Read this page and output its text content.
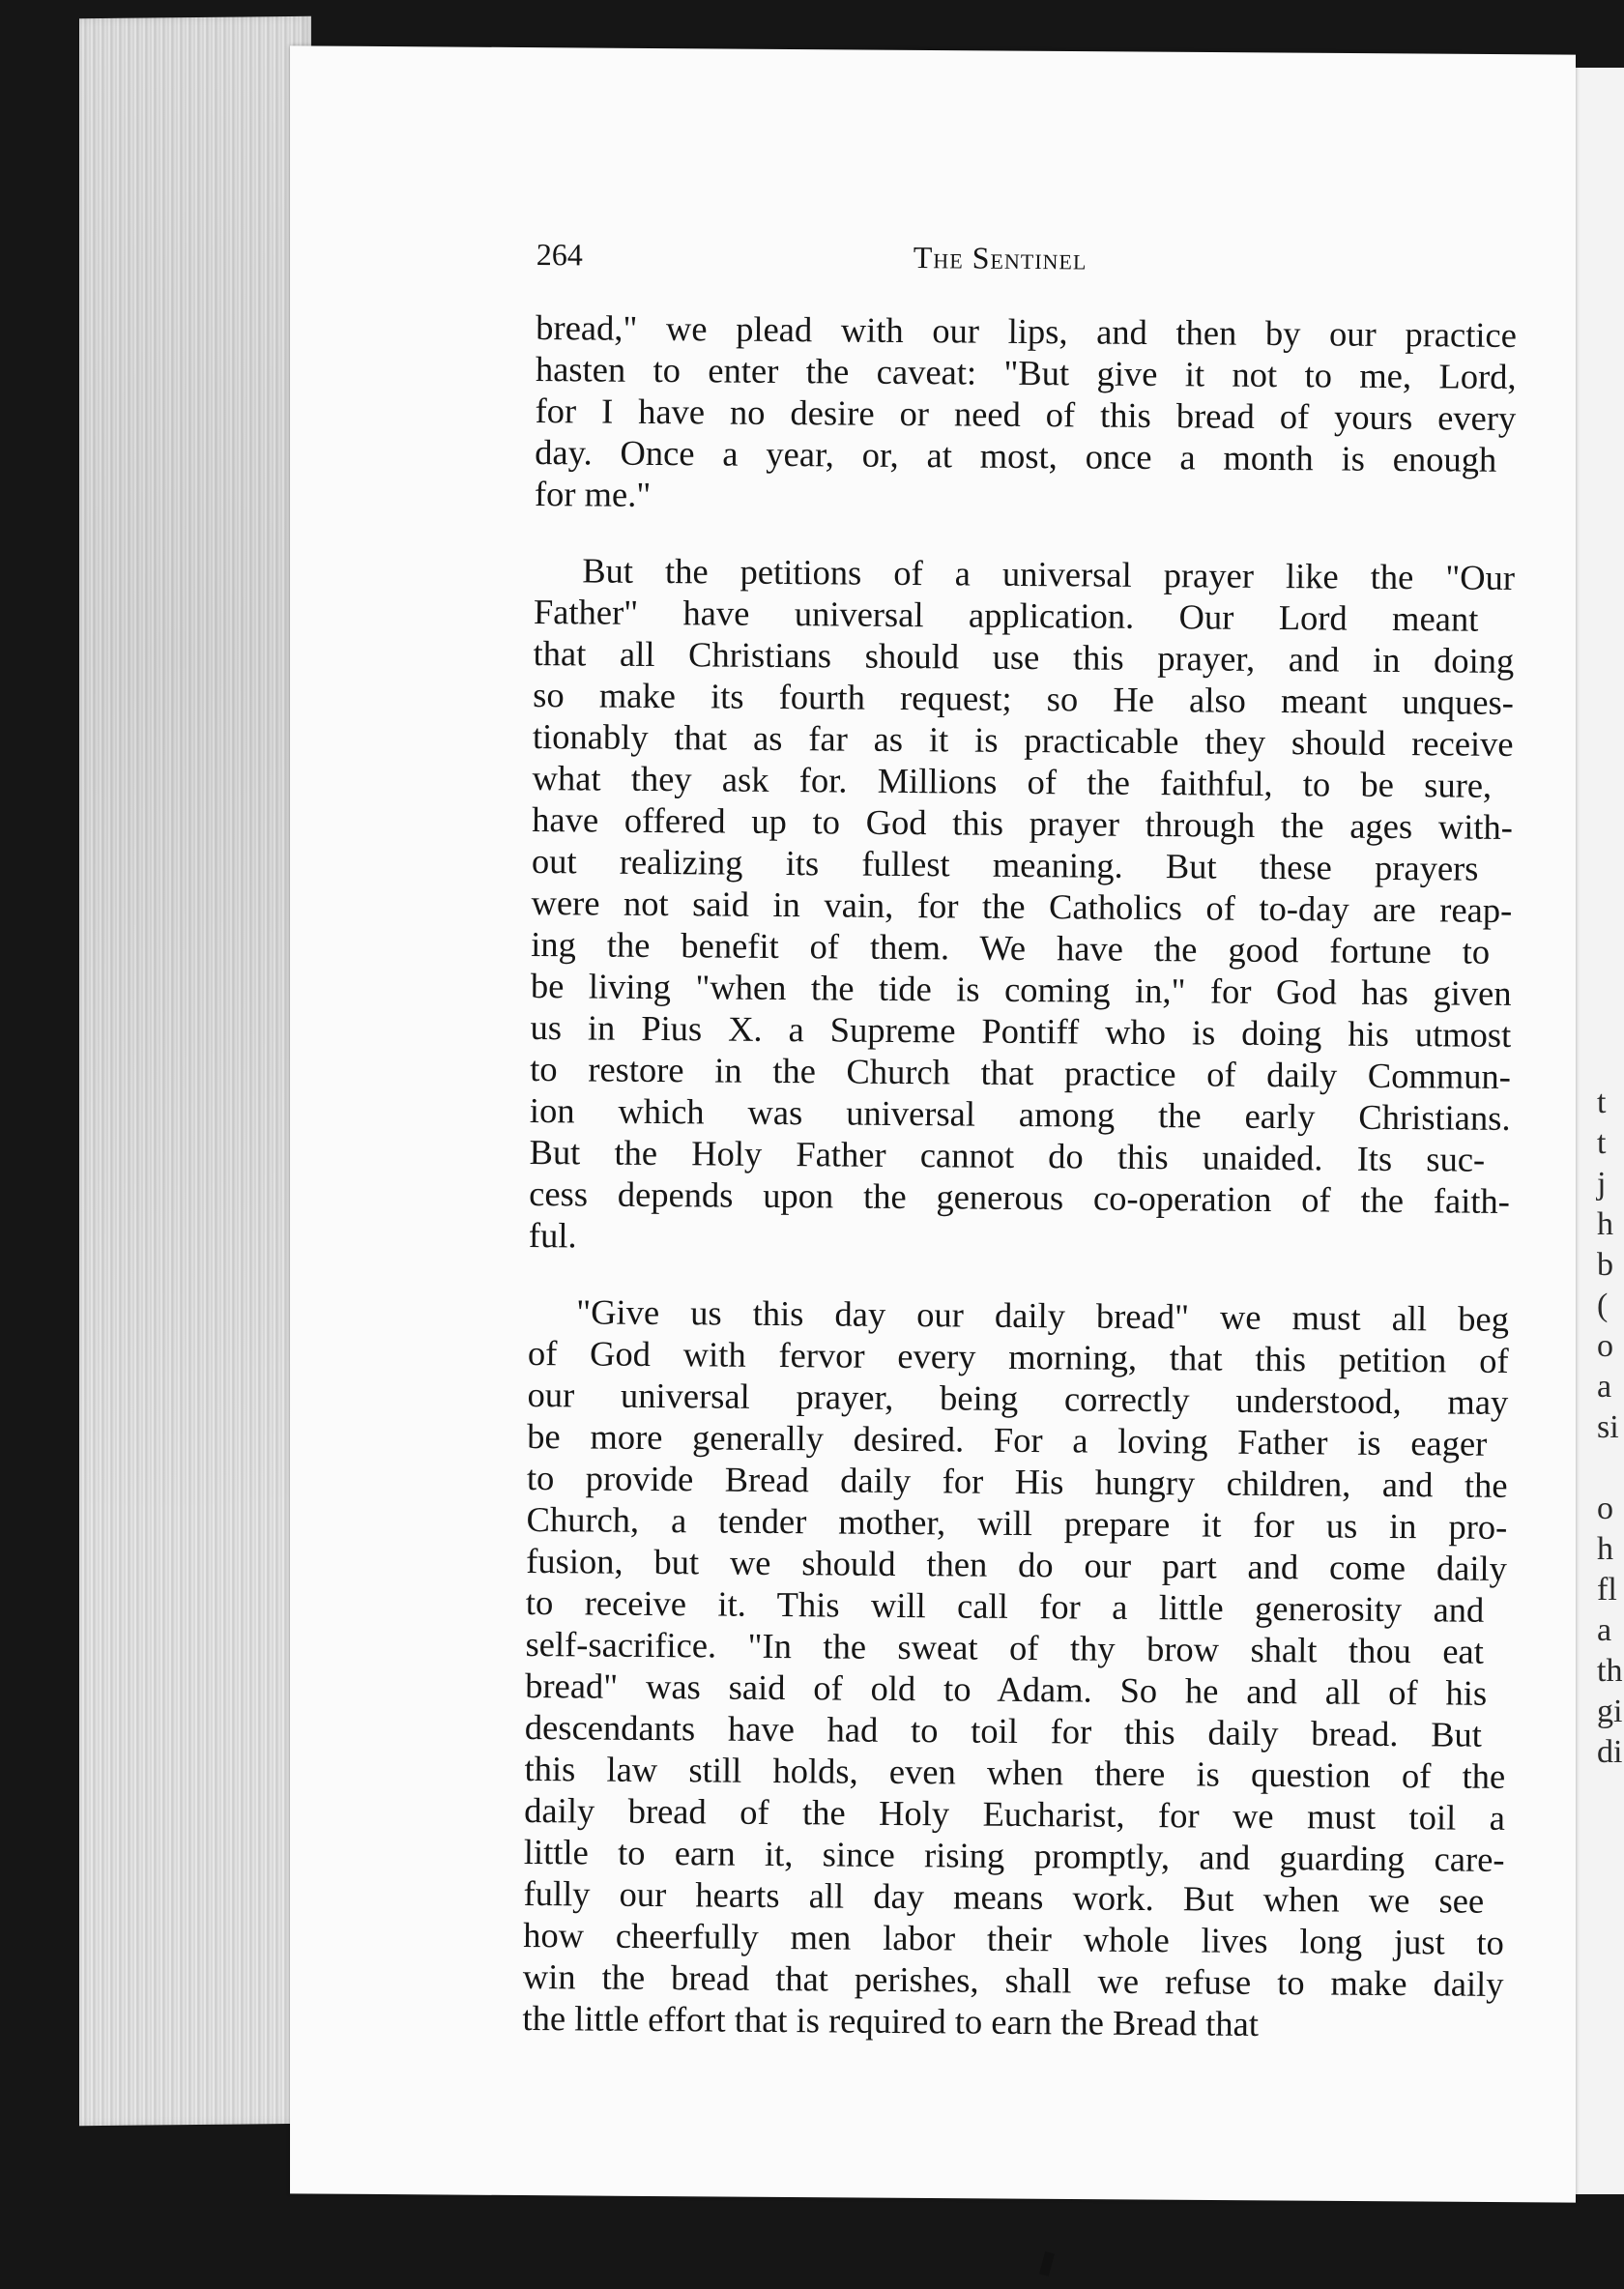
t
t
j
h
b
(
o
a
si

o
h
fl
a
th
gi
di
264	The Sentinel
bread," we plead with our lips, and then by our practice
hasten to enter the caveat: "But give it not to me, Lord,
for I have no desire or need of this bread of yours every
day. Once a year, or, at most, once a month is enough
for me."
But the petitions of a universal prayer like the "Our
Father" have universal application. Our Lord meant
that all Christians should use this prayer, and in doing
so make its fourth request; so He also meant unques-
tionably that as far as it is practicable they should receive
what they ask for. Millions of the faithful, to be sure,
have offered up to God this prayer through the ages with-
out realizing its fullest meaning. But these prayers
were not said in vain, for the Catholics of to-day are reap-
ing the benefit of them. We have the good fortune to
be living "when the tide is coming in," for God has given
us in Pius X. a Supreme Pontiff who is doing his utmost
to restore in the Church that practice of daily Commun-
ion which was universal among the early Christians.
But the Holy Father cannot do this unaided. Its suc-
cess depends upon the generous co-operation of the faith-
ful.
"Give us this day our daily bread" we must all beg
of God with fervor every morning, that this petition of
our universal prayer, being correctly understood, may
be more generally desired. For a loving Father is eager
to provide Bread daily for His hungry children, and the
Church, a tender mother, will prepare it for us in pro-
fusion, but we should then do our part and come daily
to receive it. This will call for a little generosity and
self-sacrifice. "In the sweat of thy brow shalt thou eat
bread" was said of old to Adam. So he and all of his
descendants have had to toil for this daily bread. But
this law still holds, even when there is question of the
daily bread of the Holy Eucharist, for we must toil a
little to earn it, since rising promptly, and guarding care-
fully our hearts all day means work. But when we see
how cheerfully men labor their whole lives long just to
win the bread that perishes, shall we refuse to make daily
the little effort that is required to earn the Bread that
